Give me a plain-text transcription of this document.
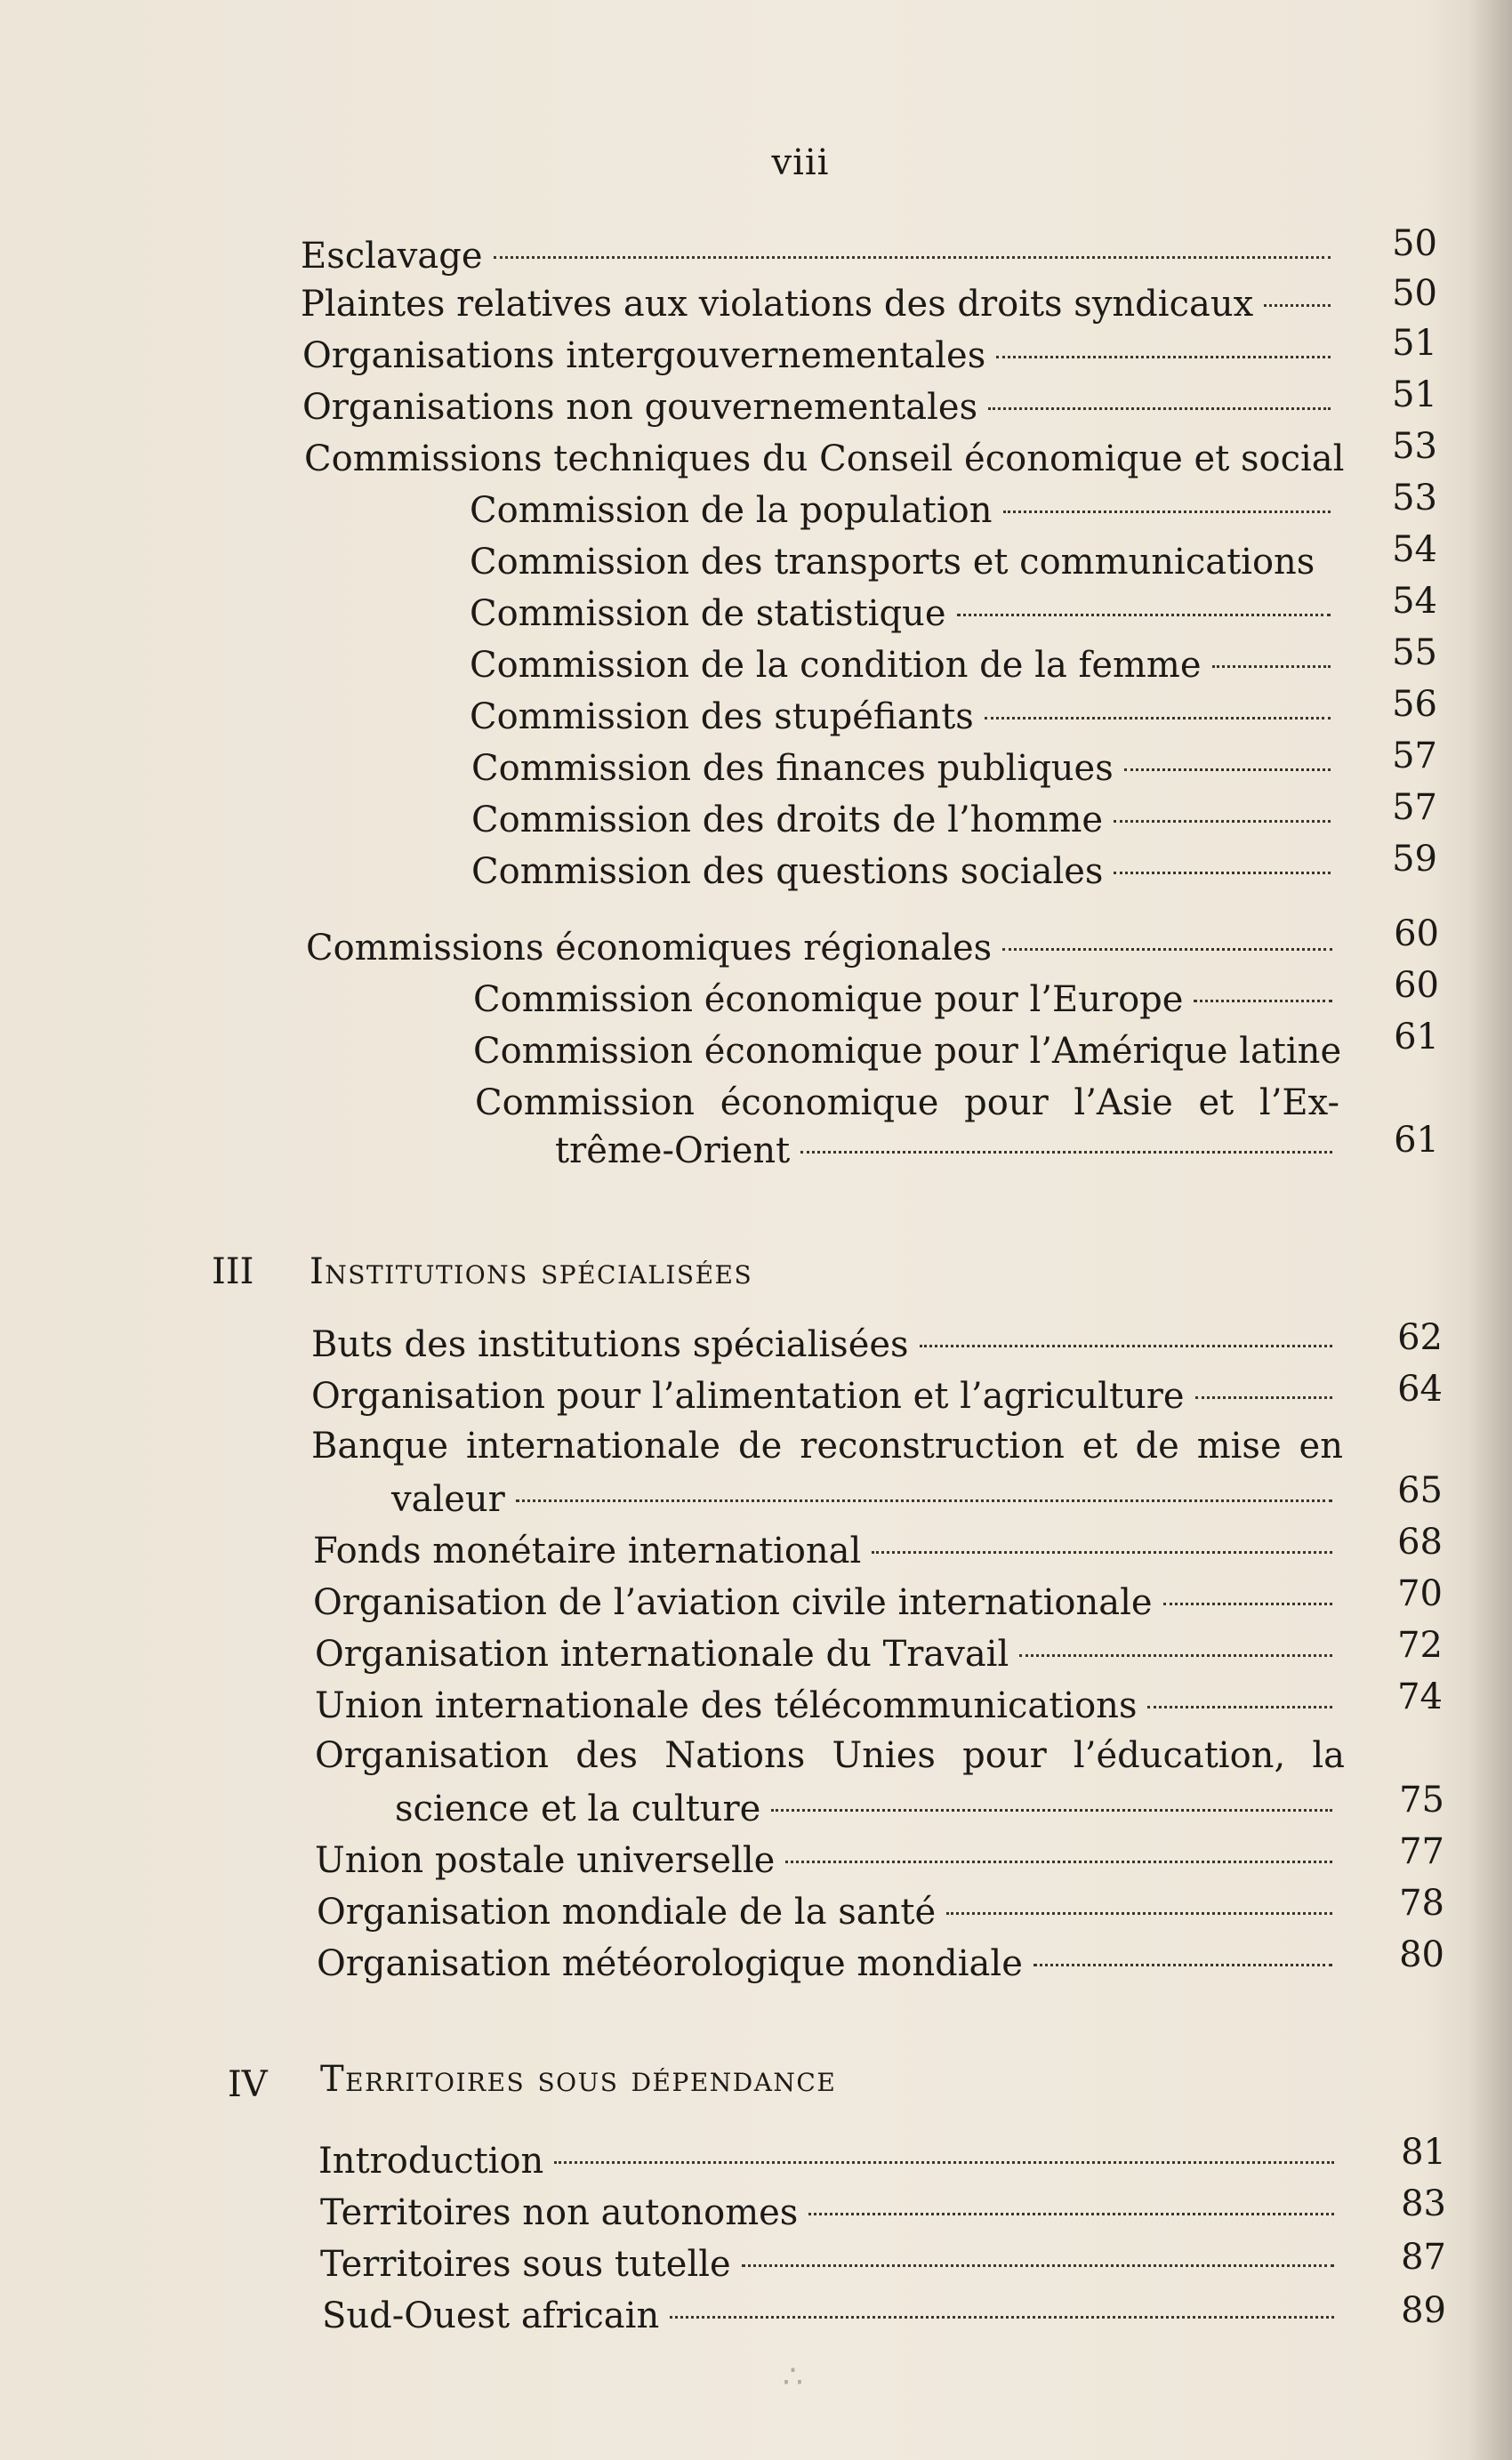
viii
Esclavage	50
Plaintes relatives aux violations des droits syndicaux	50
Organisations intergouvernementales	51
Organisations non gouvernementales	51
Commissions techniques du Conseil économique et social	53
Commission de la population	53
Commission des transports et communications	54
Commission de statistique	54
Commission de la condition de la femme	55
Commission des stupéfiants	56
Commission des finances publiques	57
Commission des droits de l’homme	57
Commission des questions sociales	59
Commissions économiques régionales	60
Commission économique pour l’Europe	60
Commission économique pour l’Amérique latine	61
Commission économique pour l’Asie et l’Ex-
trême-Orient	61
III Institutions spécialisées
Buts des institutions spécialisées	62
Organisation pour l’alimentation et l’agriculture	64
Banque internationale de reconstruction et de mise en
valeur	65
Fonds monétaire international	68
Organisation de l’aviation civile internationale	70
Organisation internationale du Travail	72
Union internationale des télécommunications	74
Organisation des Nations Unies pour l’éducation, la
science et la culture	75
Union postale universelle	77
Organisation mondiale de la santé	78
Organisation météorologique mondiale	80
IV Territoires sous dépendance
Introduction	81
Territoires non autonomes	83
Territoires sous tutelle	87
Sud-Ouest africain	89
∴
